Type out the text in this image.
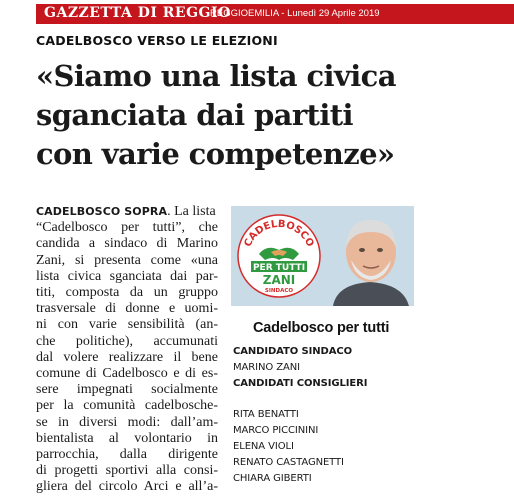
GAZZETTA DI REGGIO
REGGIOEMILIA - Lunedì 29 Aprile 2019
CADELBOSCO VERSO LE ELEZIONI
«Siamo una lista civica
sganciata dai partiti
con varie competenze»
CADELBOSCO SOPRA. La lista
“Cadelbosco per tutti”, che
candida a sindaco di Marino
Zani, si presenta come «una
lista civica sganciata dai par-
titi, composta da un gruppo
trasversale di donne e uomi-
ni con varie sensibilità (an-
che politiche), accumunati
dal volere realizzare il bene
comune di Cadelbosco e di es-
sere impegnati socialmente
per la comunità cadelbosche-
se in diversi modi: dall’am-
bientalista al volontario in
parrocchia, dalla dirigente
di progetti sportivi alla consi-
gliera del circolo Arci e all’a-
CADELBOSCO
PER TUTTI
ZANI
SINDACO
Cadelbosco per tutti
CANDIDATO SINDACO
MARINO ZANI
CANDIDATI CONSIGLIERI
RITA BENATTI
MARCO PICCININI
ELENA VIOLI
RENATO CASTAGNETTI
CHIARA GIBERTI
